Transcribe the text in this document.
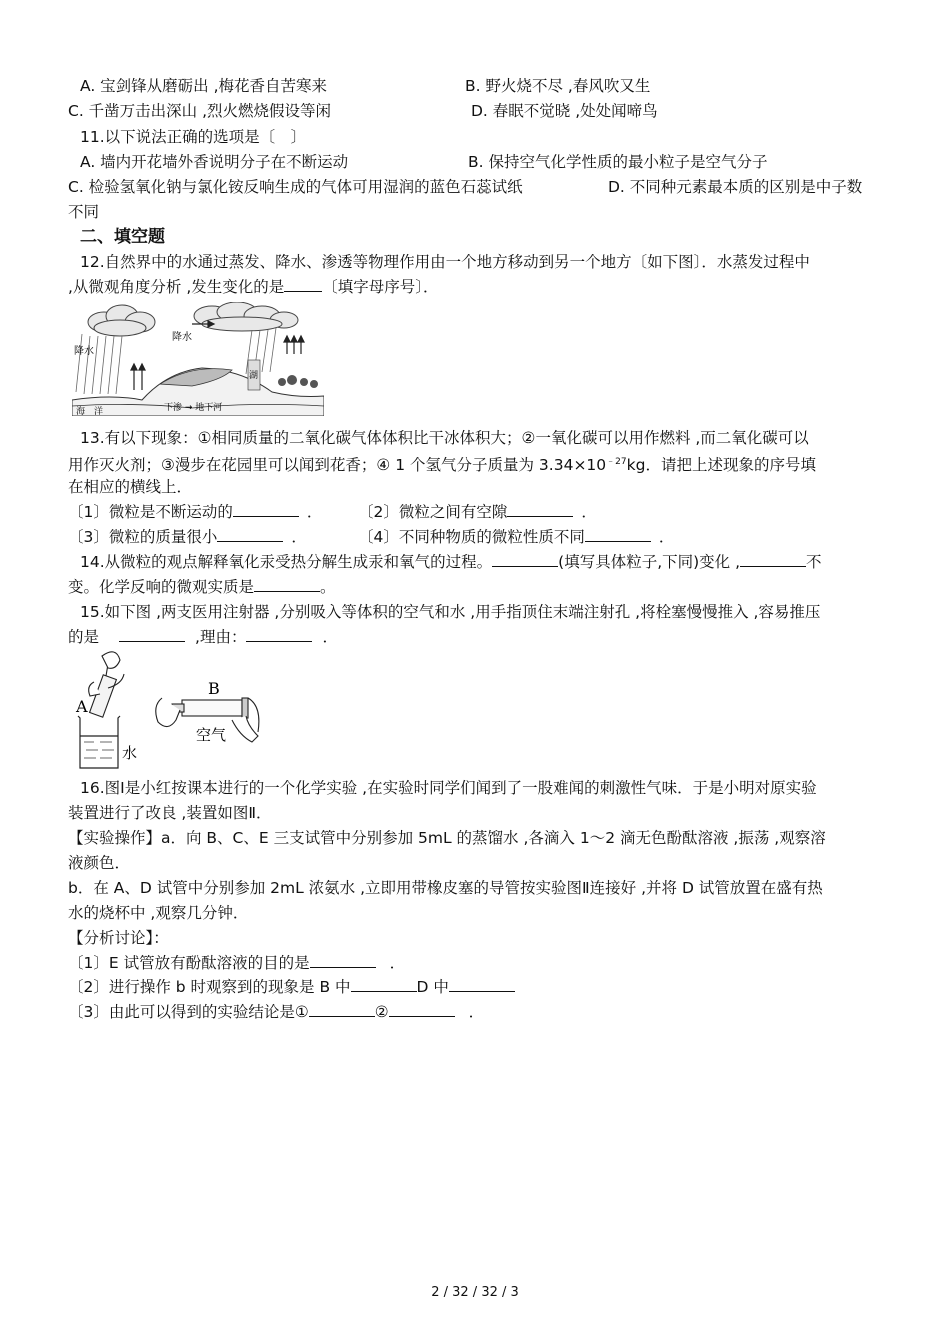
A. 宝剑锋从磨砺出 ,梅花香自苦寒来	B. 野火烧不尽 ,春风吹又生
C. 千凿万击出深山 ,烈火燃烧假设等闲	D. 春眠不觉晓 ,处处闻啼鸟
11.以下说法正确的选项是〔　〕
A. 墙内开花墙外香说明分子在不断运动	B. 保持空气化学性质的最小粒子是空气分子
C. 检验氢氧化钠与氯化铵反响生成的气体可用湿润的蓝色石蕊试纸	D. 不同种元素最本质的区别是中子数
不同
二、填空题
12.自然界中的水通过蒸发、降水、渗透等物理作用由一个地方移动到另一个地方〔如下图〕．水蒸发过程中
,从微观角度分析 ,发生变化的是 〔填字母序号〕．
降水
降水
海　洋	下渗 → 地下河
湖
13.有以下现象：①相同质量的二氧化碳气体体积比干冰体积大；②一氧化碳可以用作燃料 ,而二氧化碳可以
用作灭火剂；③漫步在花园里可以闻到花香；④ 1 个氢气分子质量为 $3.34\times 10^{﹣27}kg$．请把上述现象的序号填
在相应的横线上．
〔1〕微粒是不断运动的	． 〔2〕微粒之间有空隙	．
〔3〕微粒的质量很小	．	〔4〕不同种物质的微粒性质不同	．
14.从微粒的观点解释氧化汞受热分解生成汞和氧气的过程。	(填写具体粒子,下同)变化 ,	不
变。化学反响的微观实质是	。
15.如下图 ,两支医用注射器 ,分别吸入等体积的空气和水 ,用手指顶住末端注射孔 ,将栓塞慢慢推入 ,容易推压
的是	,理由：	．
A
B
水
空气
16.图Ⅰ是小红按课本进行的一个化学实验 ,在实验时同学们闻到了一股难闻的刺激性气味．于是小明对原实验
装置进行了改良 ,装置如图Ⅱ．
【实验操作】a．向 B、C、E 三支试管中分别参加 5mL 的蒸馏水 ,各滴入 1～2 滴无色酚酞溶液 ,振荡 ,观察溶
液颜色．
b．在 A、D 试管中分别参加 2mL 浓氨水 ,立即用带橡皮塞的导管按实验图Ⅱ连接好 ,并将 D 试管放置在盛有热
水的烧杯中 ,观察几分钟．
【分析讨论】：
〔1〕E 试管放有酚酞溶液的目的是	．
〔2〕进行操作 b 时观察到的现象是 B 中	D 中
〔3〕由此可以得到的实验结论是①	②	．
2 / 32 / 32 / 3
